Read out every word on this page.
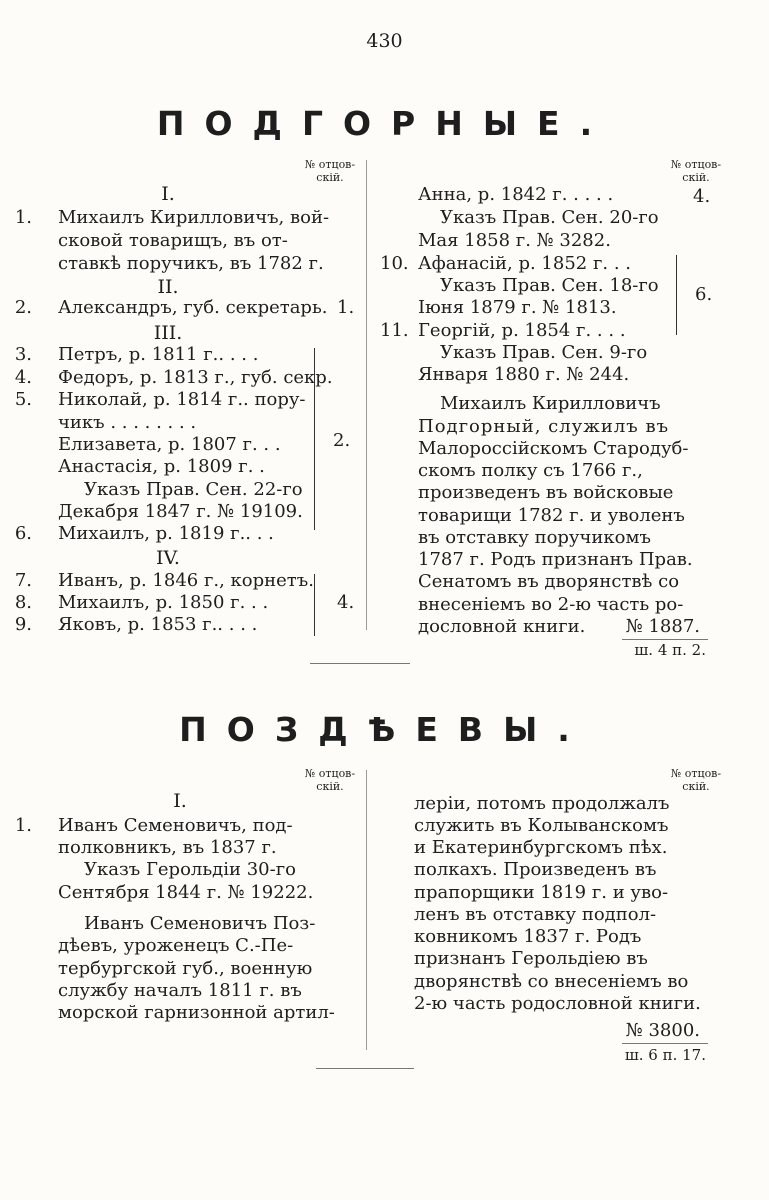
430
ПОДГОРНЫЕ.
№ отцов-
скій.
№ отцов-
скій.
I.
1. Михаилъ Кирилловичъ, вой-
сковой товарищъ, въ от-
ставкѣ поручикъ, въ 1782 г.
II.
2. Александръ, губ. секретарь. 1.
III.
3. Петръ, р. 1811 г.. . . .
4. Федоръ, р. 1813 г., губ. секр.
5. Николай, р. 1814 г.. пору-
чикъ . . . . . . . .
Елизавета, р. 1807 г. . .
Анастасія, р. 1809 г. .
Указъ Прав. Сен. 22-го
Декабря 1847 г. № 19109.
6. Михаилъ, р. 1819 г.. . .
2.
IV.
7. Иванъ, р. 1846 г., корнетъ.
8. Михаилъ, р. 1850 г. . .
9. Яковъ, р. 1853 г.. . . .
4.
Анна, р. 1842 г. . . . .	4.
Указъ Прав. Сен. 20-го
Мая 1858 г. № 3282.
10. Афанасій, р. 1852 г. . .
Указъ Прав. Сен. 18-го
Іюня 1879 г. № 1813.
11. Георгій, р. 1854 г. . . .
Указъ Прав. Сен. 9-го
Января 1880 г. № 244.
6.
Михаилъ Кирилловичъ
Подгорный, служилъ въ
Малороссійскомъ Стародуб-
скомъ полку съ 1766 г.,
произведенъ въ войсковые
товарищи 1782 г. и уволенъ
въ отставку поручикомъ
1787 г. Родъ признанъ Прав.
Сенатомъ въ дворянствѣ со
внесеніемъ во 2-ю часть ро-
дословной книги.	№ 1887.
ш. 4 п. 2.
ПОЗДѢЕВЫ.
№ отцов-
скій.
№ отцов-
скій.
I.
1. Иванъ Семеновичъ, под-
полковникъ, въ 1837 г.
Указъ Герольдіи 30-го
Сентября 1844 г. № 19222.
Иванъ Семеновичъ Поз-
дѣевъ, уроженецъ С.-Пе-
тербургской губ., военную
службу началъ 1811 г. въ
морской гарнизонной артил-
леріи, потомъ продолжалъ
служить въ Колыванскомъ
и Екатеринбургскомъ пѣх.
полкахъ. Произведенъ въ
прапорщики 1819 г. и уво-
ленъ въ отставку подпол-
ковникомъ 1837 г. Родъ
признанъ Герольдіею въ
дворянствѣ со внесеніемъ во
2-ю часть родословной книги.
№ 3800.
ш. 6 п. 17.
